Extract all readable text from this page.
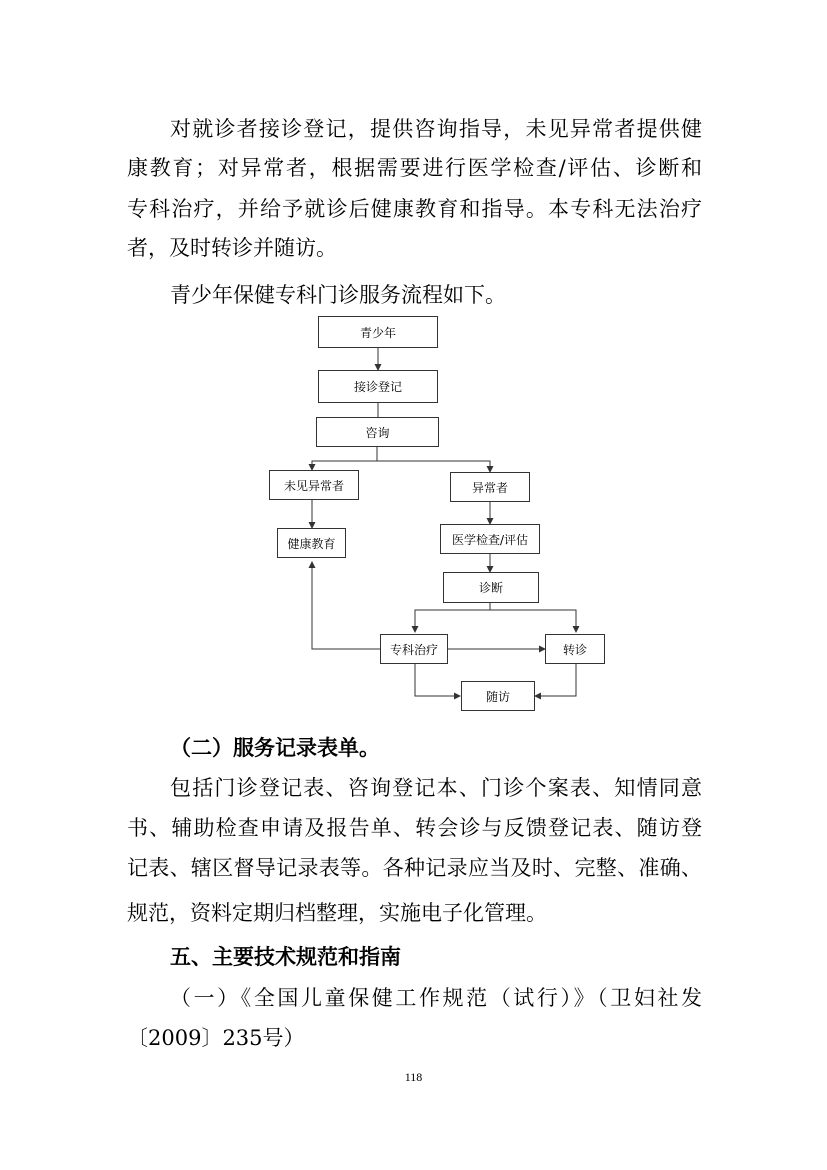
对就诊者接诊登记，提供咨询指导，未见异常者提供健
康教育；对异常者，根据需要进行医学检查/评估、诊断和
专科治疗，并给予就诊后健康教育和指导。本专科无法治疗
者，及时转诊并随访。
青少年保健专科门诊服务流程如下。
青少年
接诊登记
咨询
未见异常者	异常者
健康教育	医学检查/评估
诊断
专科治疗	转诊
随访
（二）服务记录表单。
包括门诊登记表、咨询登记本、门诊个案表、知情同意
书、辅助检查申请及报告单、转会诊与反馈登记表、随访登
记表、辖区督导记录表等。各种记录应当及时、完整、准确、
规范，资料定期归档整理，实施电子化管理。
五、主要技术规范和指南
（一）《全国儿童保健工作规范（试行）》（卫妇社发
〔2009〕235号）
118
